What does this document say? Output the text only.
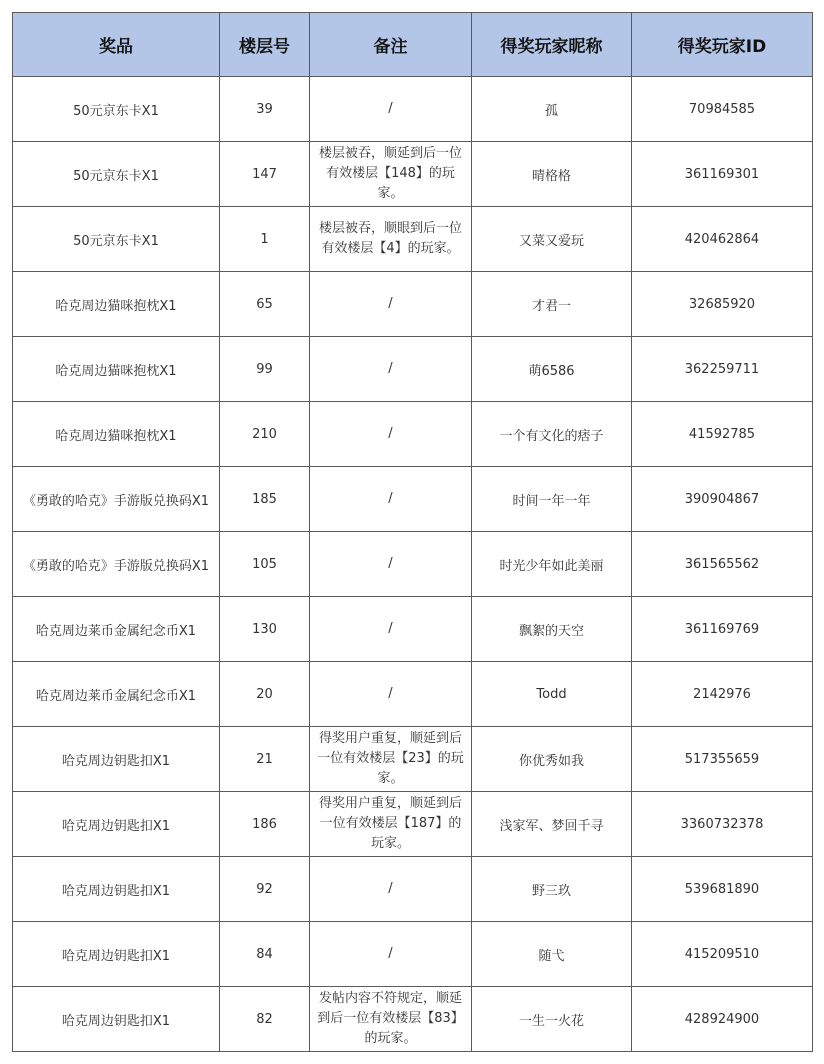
奖品	楼层号	备注	得奖玩家昵称	得奖玩家ID
50元京东卡X1	39	/	孤	70984585
50元京东卡X1	147	楼层被吞，顺延到后一位有效楼层【148】的玩家。	晴格格	361169301
50元京东卡X1	1	楼层被吞，顺眼到后一位有效楼层【4】的玩家。	又菜又爱玩	420462864
哈克周边猫咪抱枕X1	65	/	才君一	32685920
哈克周边猫咪抱枕X1	99	/	萌6586	362259711
哈克周边猫咪抱枕X1	210	/	一个有文化的痞子	41592785
《勇敢的哈克》手游版兑换码X1	185	/	时间一年一年	390904867
《勇敢的哈克》手游版兑换码X1	105	/	时光少年如此美丽	361565562
哈克周边莱币金属纪念币X1	130	/	飘絮的天空	361169769
哈克周边莱币金属纪念币X1	20	/	Todd	2142976
哈克周边钥匙扣X1	21	得奖用户重复，顺延到后一位有效楼层【23】的玩家。	你优秀如我	517355659
哈克周边钥匙扣X1	186	得奖用户重复，顺延到后一位有效楼层【187】的玩家。	浅家军、梦回千寻	3360732378
哈克周边钥匙扣X1	92	/	野三玖	539681890
哈克周边钥匙扣X1	84	/	随弋	415209510
哈克周边钥匙扣X1	82	发帖内容不符规定，顺延到后一位有效楼层【83】的玩家。	一生一火花	428924900
